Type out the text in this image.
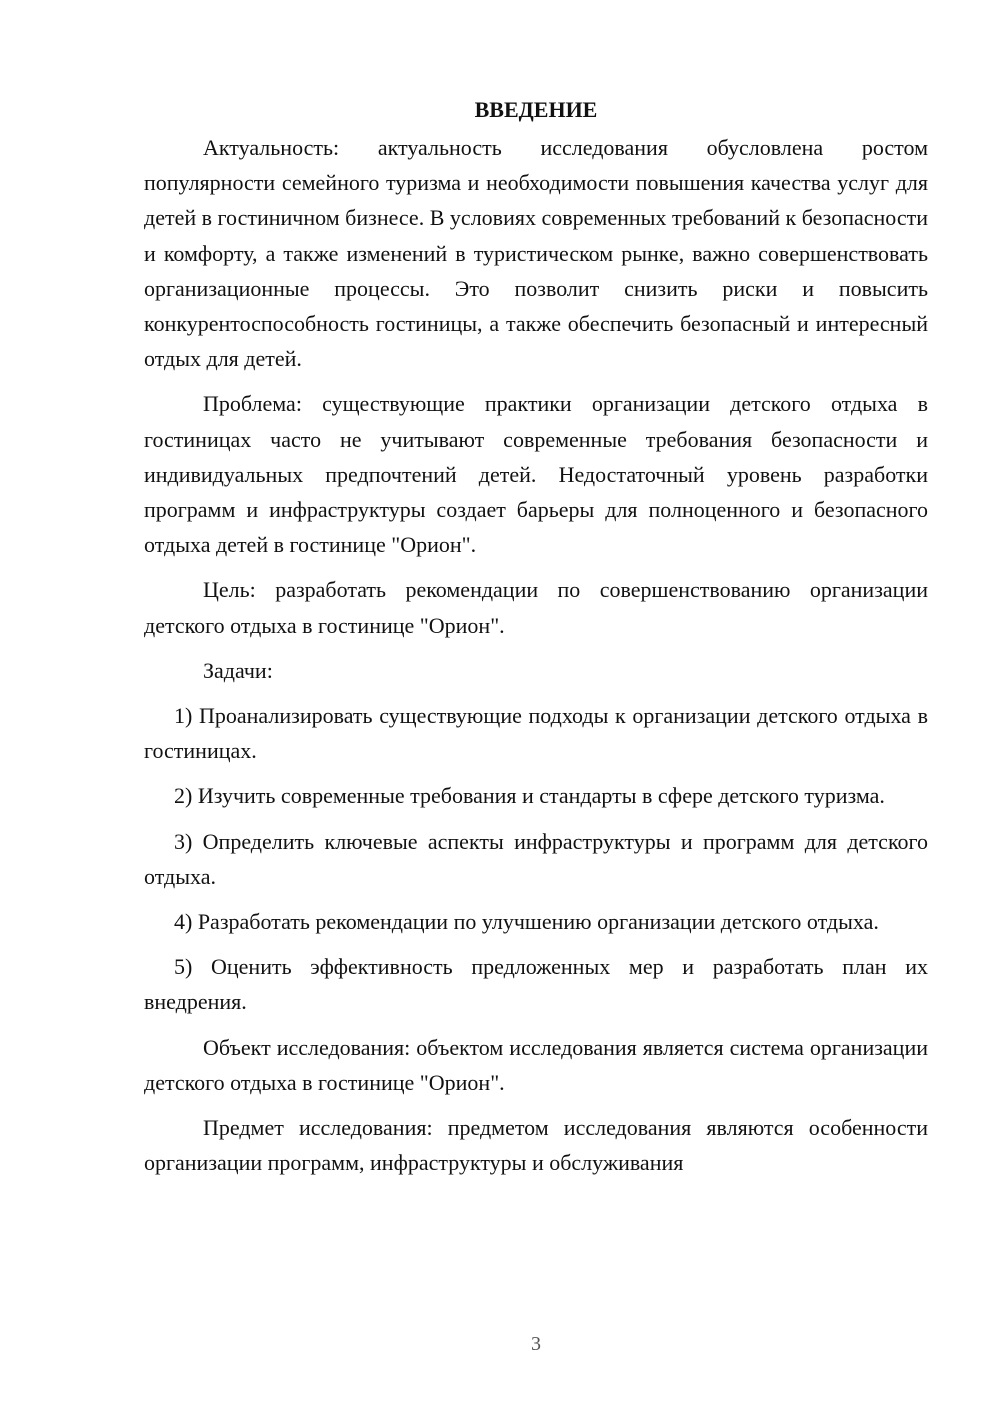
ВВЕДЕНИЕ

Актуальность: актуальность исследования обусловлена ростом популярности семейного туризма и необходимости повышения качества услуг для детей в гостиничном бизнесе. В условиях современных требований к безопасности и комфорту, а также изменений в туристическом рынке, важно совершенствовать организационные процессы. Это позволит снизить риски и повысить конкурентоспособность гостиницы, а также обеспечить безопасный и интересный отдых для детей.

Проблема: существующие практики организации детского отдыха в гостиницах часто не учитывают современные требования безопасности и индивидуальных предпочтений детей. Недостаточный уровень разработки программ и инфраструктуры создает барьеры для полноценного и безопасного отдыха детей в гостинице "Орион".

Цель: разработать рекомендации по совершенствованию организации детского отдыха в гостинице "Орион".

Задачи:

1) Проанализировать существующие подходы к организации детского отдыха в гостиницах.

2) Изучить современные требования и стандарты в сфере детского туризма.

3) Определить ключевые аспекты инфраструктуры и программ для детского отдыха.

4) Разработать рекомендации по улучшению организации детского отдыха.

5) Оценить эффективность предложенных мер и разработать план их внедрения.

Объект исследования: объектом исследования является система организации детского отдыха в гостинице "Орион".

Предмет исследования: предметом исследования являются особенности организации программ, инфраструктуры и обслуживания

3
